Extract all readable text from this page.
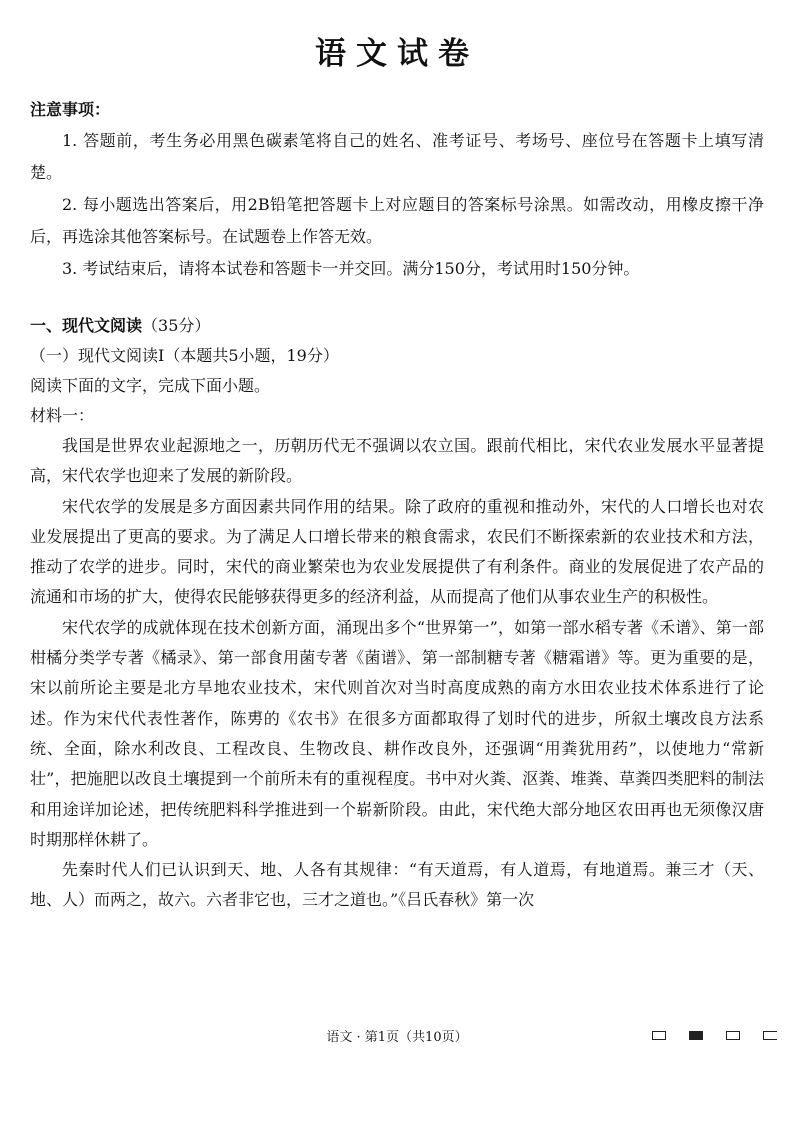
语文试卷
注意事项：

1. 答题前，考生务必用黑色碳素笔将自己的姓名、准考证号、考场号、座位号在答题卡上填写清楚。

2. 每小题选出答案后，用2B铅笔把答题卡上对应题目的答案标号涂黑。如需改动，用橡皮擦干净后，再选涂其他答案标号。在试题卷上作答无效。

3. 考试结束后，请将本试卷和答题卡一并交回。满分150分，考试用时150分钟。

一、现代文阅读（35分）
（一）现代文阅读Ⅰ（本题共5小题，19分）
阅读下面的文字，完成下面小题。
材料一：

我国是世界农业起源地之一，历朝历代无不强调以农立国。跟前代相比，宋代农业发展水平显著提高，宋代农学也迎来了发展的新阶段。

宋代农学的发展是多方面因素共同作用的结果。除了政府的重视和推动外，宋代的人口增长也对农业发展提出了更高的要求。为了满足人口增长带来的粮食需求，农民们不断探索新的农业技术和方法，推动了农学的进步。同时，宋代的商业繁荣也为农业发展提供了有利条件。商业的发展促进了农产品的流通和市场的扩大，使得农民能够获得更多的经济利益，从而提高了他们从事农业生产的积极性。

宋代农学的成就体现在技术创新方面，涌现出多个“世界第一”，如第一部水稻专著《禾谱》、第一部柑橘分类学专著《橘录》、第一部食用菌专著《菌谱》、第一部制糖专著《糖霜谱》等。更为重要的是，宋以前所论主要是北方旱地农业技术，宋代则首次对当时高度成熟的南方水田农业技术体系进行了论述。作为宋代代表性著作，陈旉的《农书》在很多方面都取得了划时代的进步，所叙土壤改良方法系统、全面，除水利改良、工程改良、生物改良、耕作改良外，还强调“用粪犹用药”，以使地力“常新壮”，把施肥以改良土壤提到一个前所未有的重视程度。书中对火粪、沤粪、堆粪、草粪四类肥料的制法和用途详加论述，把传统肥料科学推进到一个崭新阶段。由此，宋代绝大部分地区农田再也无须像汉唐时期那样休耕了。

先秦时代人们已认识到天、地、人各有其规律：“有天道焉，有人道焉，有地道焉。兼三才（天、地、人）而两之，故六。六者非它也，三才之道也。”《吕氏春秋》第一次

语文 · 第1页（共10页）
